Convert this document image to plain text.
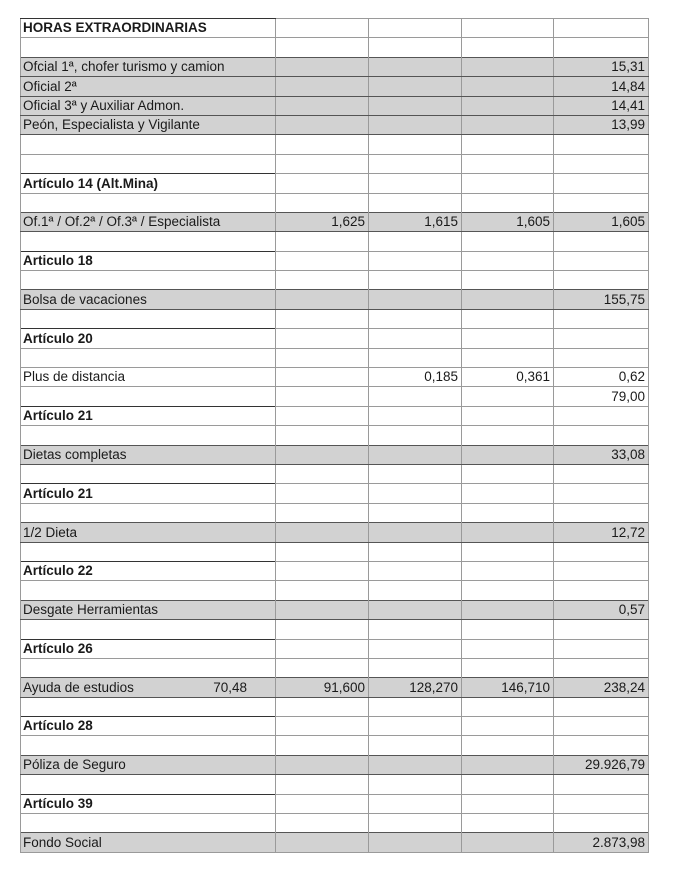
HORAS EXTRAORDINARIAS				

Ofcial 1ª, chofer turismo y camion				15,31
Oficial 2ª				14,84
Oficial 3ª y Auxiliar Admon.				14,41
Peón, Especialista y Vigilante				13,99

Artículo 14 (Alt.Mina)				

Of.1ª / Of.2ª / Of.3ª / Especialista	1,625	1,615	1,605	1,605

Articulo 18				

Bolsa de vacaciones				155,75

Artículo 20				

Plus de distancia		0,185	0,361	0,62
				79,00
Artículo 21				

Dietas completas				33,08

Artículo 21				

1/2 Dieta				12,72

Artículo 22				

Desgate Herramientas				0,57

Artículo 26				

Ayuda de estudios 70,48	91,600	128,270	146,710	238,24

Artículo 28				

Póliza de Seguro				29.926,79

Artículo 39				

Fondo Social				2.873,98
